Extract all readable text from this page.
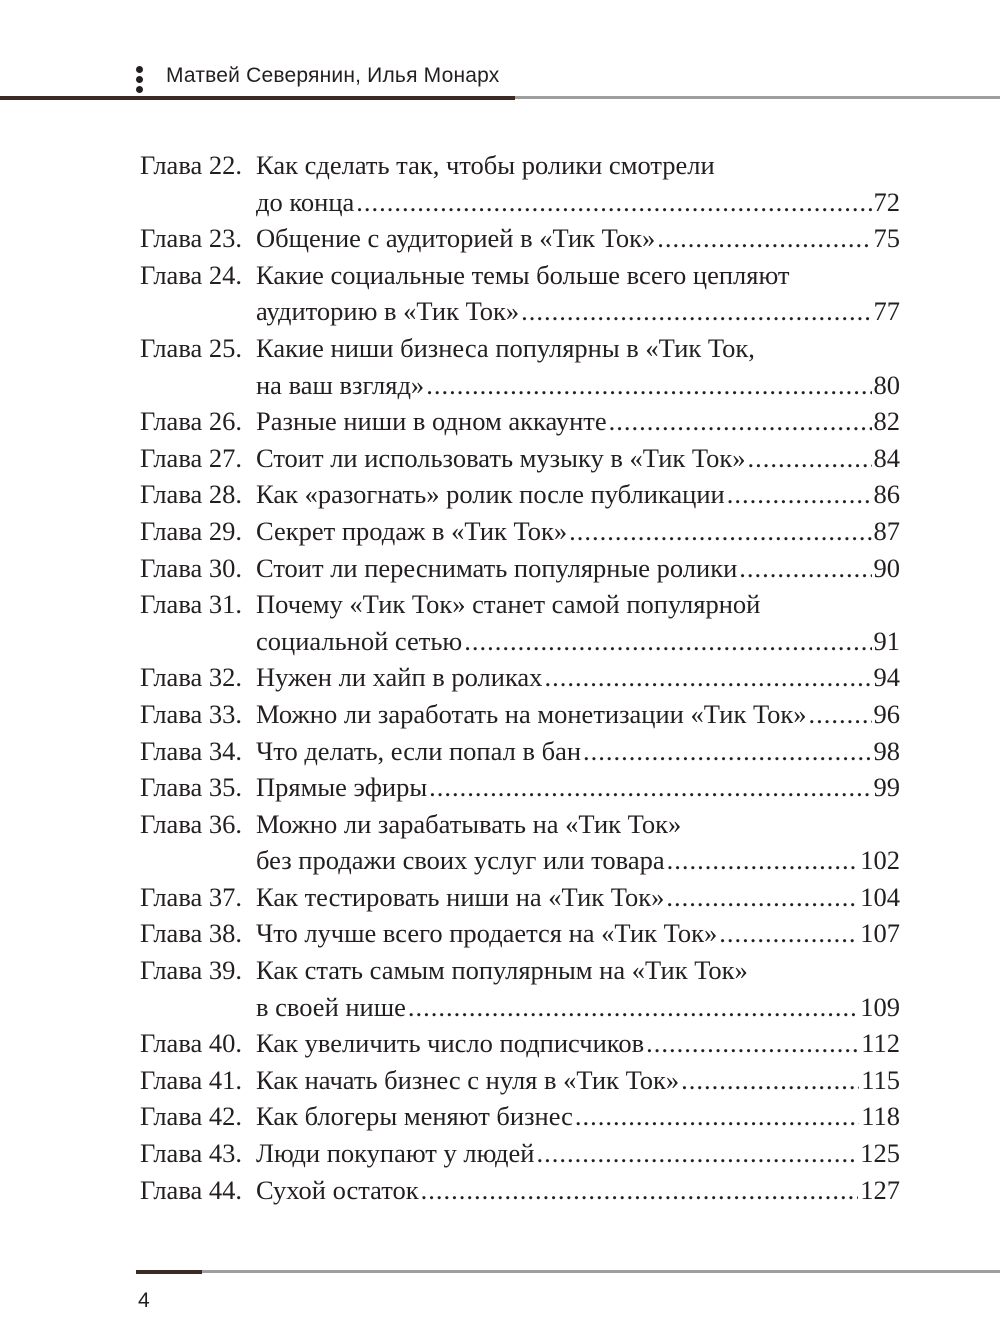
Матвей Северянин, Илья Монарх
Глава 22. Как сделать так, чтобы ролики смотрели
до конца .....	72
Глава 23. Общение с аудиторией в «Тик Ток» .....	75
Глава 24. Какие социальные темы больше всего цепляют
аудиторию в «Тик Ток» .....	77
Глава 25. Какие ниши бизнеса популярны в «Тик Ток,
на ваш взгляд» .....	80
Глава 26. Разные ниши в одном аккаунте .....	82
Глава 27. Стоит ли использовать музыку в «Тик Ток» .....	84
Глава 28. Как «разогнать» ролик после публикации .....	86
Глава 29. Секрет продаж в «Тик Ток» .....	87
Глава 30. Стоит ли переснимать популярные ролики .....	90
Глава 31. Почему «Тик Ток» станет самой популярной
социальной сетью .....	91
Глава 32. Нужен ли хайп в роликах .....	94
Глава 33. Можно ли заработать на монетизации «Тик Ток» .....	96
Глава 34. Что делать, если попал в бан .....	98
Глава 35. Прямые эфиры .....	99
Глава 36. Можно ли зарабатывать на «Тик Ток»
без продажи своих услуг или товара .....	102
Глава 37. Как тестировать ниши на «Тик Ток» .....	104
Глава 38. Что лучше всего продается на «Тик Ток» .....	107
Глава 39. Как стать самым популярным на «Тик Ток»
в своей нише .....	109
Глава 40. Как увеличить число подписчиков .....	112
Глава 41. Как начать бизнес с нуля в «Тик Ток» .....	115
Глава 42. Как блогеры меняют бизнес .....	118
Глава 43. Люди покупают у людей .....	125
Глава 44. Сухой остаток .....	127
4
